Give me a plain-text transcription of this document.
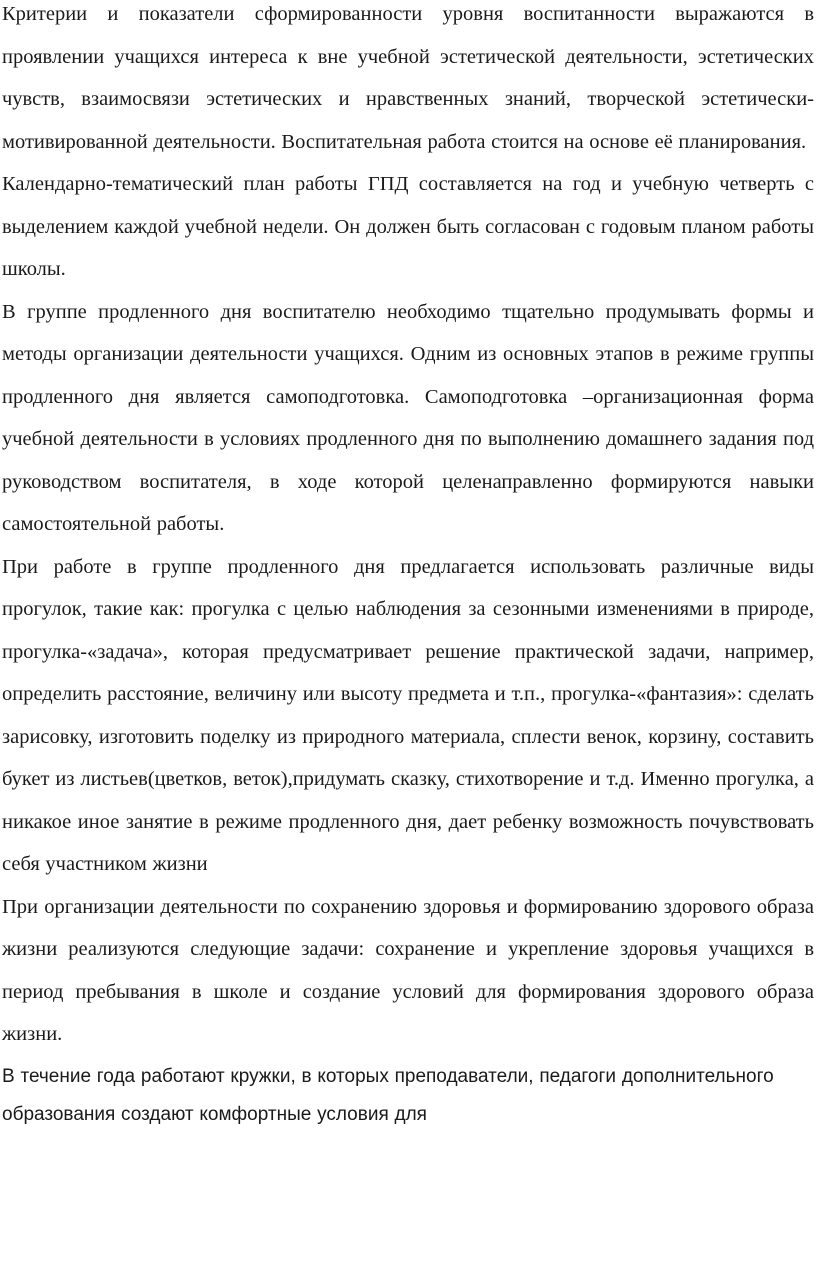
Критерии и показатели сформированности уровня воспитанности выражаются в проявлении учащихся интереса к вне учебной эстетической деятельности, эстетических чувств, взаимосвязи эстетических и нравственных знаний, творческой эстетически-мотивированной деятельности. Воспитательная работа стоится на основе её планирования.

Календарно-тематический план работы ГПД составляется на год и учебную четверть с выделением каждой учебной недели. Он должен быть согласован с годовым планом работы школы.

В группе продленного дня воспитателю необходимо тщательно продумывать формы и методы организации деятельности учащихся. Одним из основных этапов в режиме группы продленного дня является самоподготовка. Самоподготовка –организационная форма учебной деятельности в условиях продленного дня по выполнению домашнего задания под руководством воспитателя, в ходе которой целенаправленно формируются навыки самостоятельной работы.

При работе в группе продленного дня предлагается использовать различные виды прогулок, такие как: прогулка с целью наблюдения за сезонными изменениями в природе, прогулка-«задача», которая предусматривает решение практической задачи, например, определить расстояние, величину или высоту предмета и т.п., прогулка-«фантазия»: сделать зарисовку, изготовить поделку из природного материала, сплести венок, корзину, составить букет из листьев(цветков, веток),придумать сказку, стихотворение и т.д. Именно прогулка, а никакое иное занятие в режиме продленного дня, дает ребенку возможность почувствовать себя участником жизни

При организации деятельности по сохранению здоровья и формированию здорового образа жизни реализуются следующие задачи: сохранение и укрепление здоровья учащихся в период пребывания в школе и создание условий для формирования здорового образа жизни.

В течение года работают кружки, в которых преподаватели, педагоги дополнительного образования создают комфортные условия для
